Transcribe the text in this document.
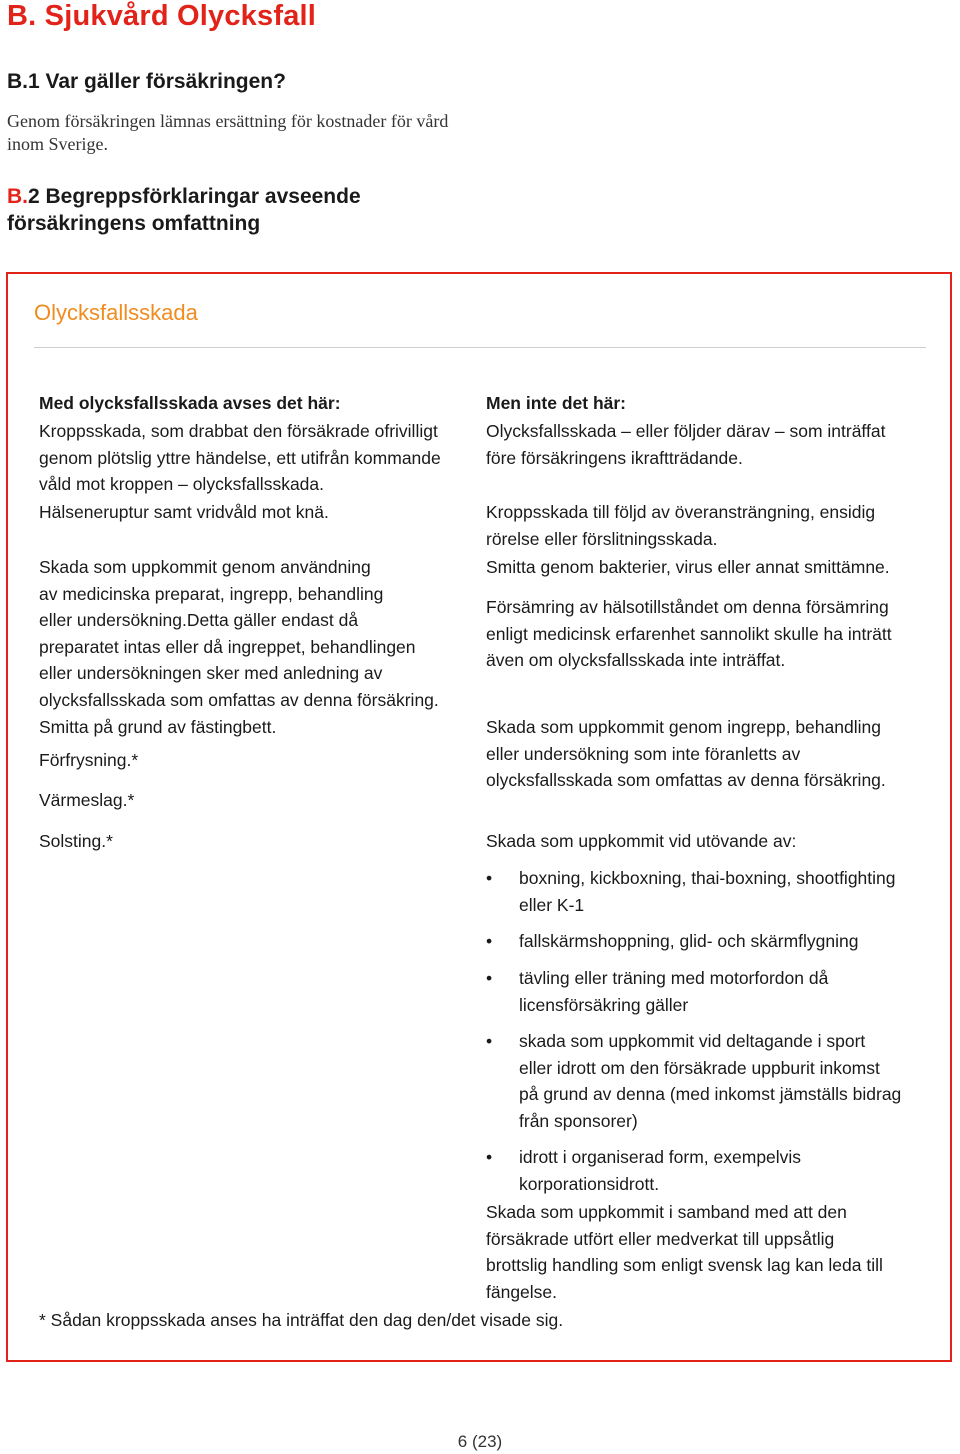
B. Sjukvård Olycksfall
B.1 Var gäller försäkringen?
Genom försäkringen lämnas ersättning för kostnader för vård inom Sverige.
B.2 Begreppsförklaringar avseende
försäkringens omfattning
Olycksfallsskada
Med olycksfallsskada avses det här:
Kroppsskada, som drabbat den försäkrade ofrivilligt
genom plötslig yttre händelse, ett utifrån kommande
våld mot kroppen – olycksfallsskada.
Hälseneruptur samt vridvåld mot knä.
Skada som uppkommit genom användning
av medicinska preparat, ingrepp, behandling
eller undersökning.Detta gäller endast då
preparatet intas eller då ingreppet, behandlingen
eller undersökningen sker med anledning av
olycksfallsskada som omfattas av denna försäkring.
Smitta på grund av fästingbett.
Förfrysning.*
Värmeslag.*
Solsting.*
Men inte det här:
Olycksfallsskada – eller följder därav – som inträffat
före försäkringens ikraftträdande.
Kroppsskada till följd av överansträngning, ensidig
rörelse eller förslitningsskada.
Smitta genom bakterier, virus eller annat smittämne.
Försämring av hälsotillståndet om denna försämring
enligt medicinsk erfarenhet sannolikt skulle ha inträtt
även om olycksfallsskada inte inträffat.
Skada som uppkommit genom ingrepp, behandling
eller undersökning som inte föranletts av
olycksfallsskada som omfattas av denna försäkring.
Skada som uppkommit vid utövande av:
• boxning, kickboxning, thai-boxning, shootfighting
eller K-1
• fallskärmshoppning, glid- och skärmflygning
• tävling eller träning med motorfordon då
licensförsäkring gäller
• skada som uppkommit vid deltagande i sport
eller idrott om den försäkrade uppburit inkomst
på grund av denna (med inkomst jämställs bidrag
från sponsorer)
• idrott i organiserad form, exempelvis
korporationsidrott.
Skada som uppkommit i samband med att den
försäkrade utfört eller medverkat till uppsåtlig
brottslig handling som enligt svensk lag kan leda till
fängelse.
* Sådan kroppsskada anses ha inträffat den dag den/det visade sig.
6 (23)
